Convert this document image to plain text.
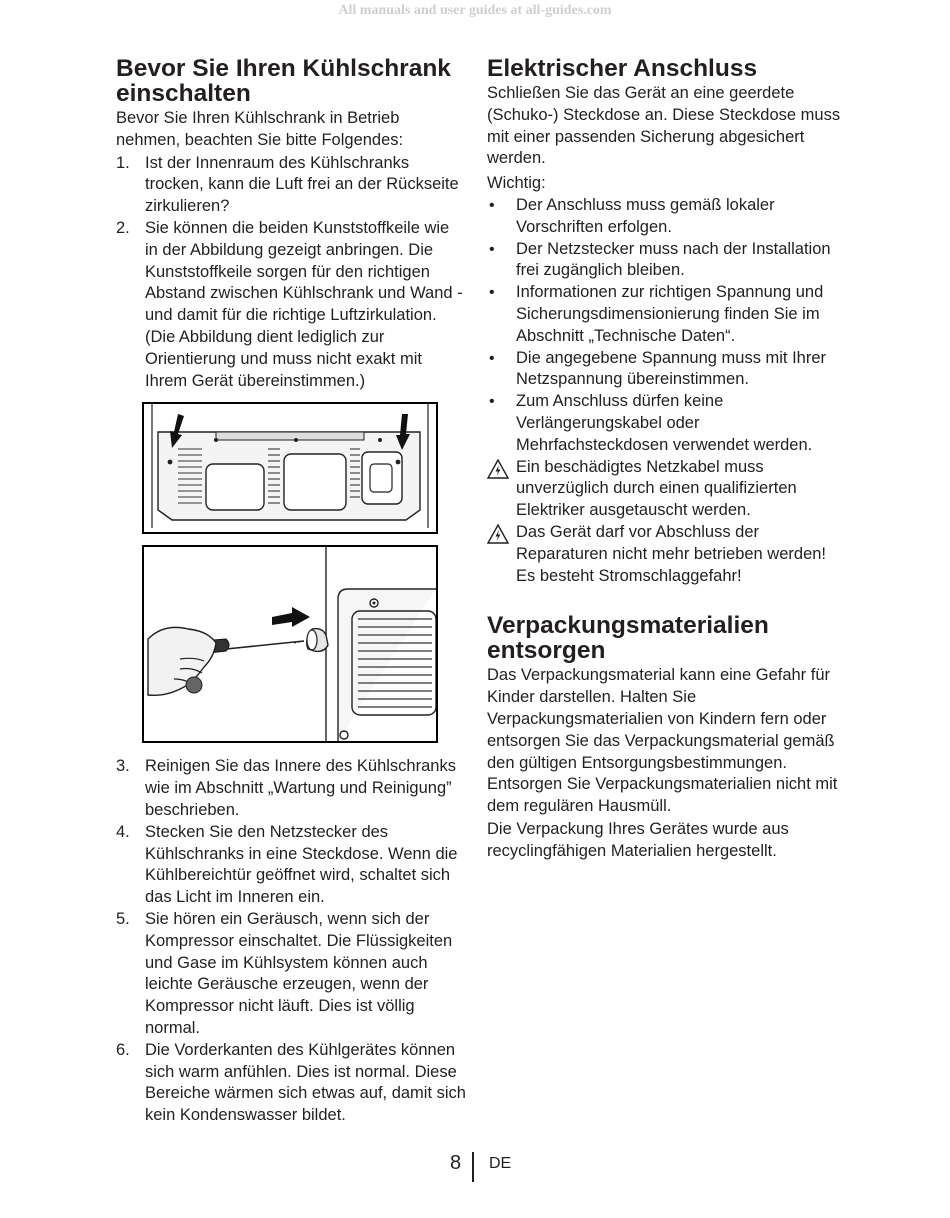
All manuals and user guides at all-guides.com
Bevor Sie Ihren Kühlschrank einschalten

Bevor Sie Ihren Kühlschrank in Betrieb nehmen, beachten Sie bitte Folgendes:

1. Ist der Innenraum des Kühlschranks trocken, kann die Luft frei an der Rückseite zirkulieren?
2. Sie können die beiden Kunststoffkeile wie in der Abbildung gezeigt anbringen. Die Kunststoffkeile sorgen für den richtigen Abstand zwischen Kühlschrank und Wand - und damit für die richtige Luftzirkulation. (Die Abbildung dient lediglich zur Orientierung und muss nicht exakt mit Ihrem Gerät übereinstimmen.)
3. Reinigen Sie das Innere des Kühlschranks wie im Abschnitt „Wartung und Reinigung” beschrieben.
4. Stecken Sie den Netzstecker des Kühlschranks in eine Steckdose. Wenn die Kühlbereichtür geöffnet wird, schaltet sich das Licht im Inneren ein.
5. Sie hören ein Geräusch, wenn sich der Kompressor einschaltet. Die Flüssigkeiten und Gase im Kühlsystem können auch leichte Geräusche erzeugen, wenn der Kompressor nicht läuft. Dies ist völlig normal.
6. Die Vorderkanten des Kühlgerätes können sich warm anfühlen. Dies ist normal. Diese Bereiche wärmen sich etwas auf, damit sich kein Kondenswasser bildet.
Elektrischer Anschluss

Schließen Sie das Gerät an eine geerdete (Schuko-) Steckdose an. Diese Steckdose muss mit einer passenden Sicherung abgesichert werden.

Wichtig:

• Der Anschluss muss gemäß lokaler Vorschriften erfolgen.
• Der Netzstecker muss nach der Installation frei zugänglich bleiben.
• Informationen zur richtigen Spannung und Sicherungsdimensionierung finden Sie im Abschnitt „Technische Daten“.
• Die angegebene Spannung muss mit Ihrer Netzspannung übereinstimmen.
• Zum Anschluss dürfen keine Verlängerungskabel oder Mehrfachsteckdosen verwendet werden.
Ein beschädigtes Netzkabel muss unverzüglich durch einen qualifizierten Elektriker ausgetauscht werden.
Das Gerät darf vor Abschluss der Reparaturen nicht mehr betrieben werden! Es besteht Stromschlaggefahr!
Verpackungsmaterialien entsorgen

Das Verpackungsmaterial kann eine Gefahr für Kinder darstellen. Halten Sie Verpackungsmaterialien von Kindern fern oder entsorgen Sie das Verpackungsmaterial gemäß den gültigen Entsorgungsbestimmungen. Entsorgen Sie Verpackungsmaterialien nicht mit dem regulären Hausmüll.

Die Verpackung Ihres Gerätes wurde aus recyclingfähigen Materialien hergestellt.

8 DE
